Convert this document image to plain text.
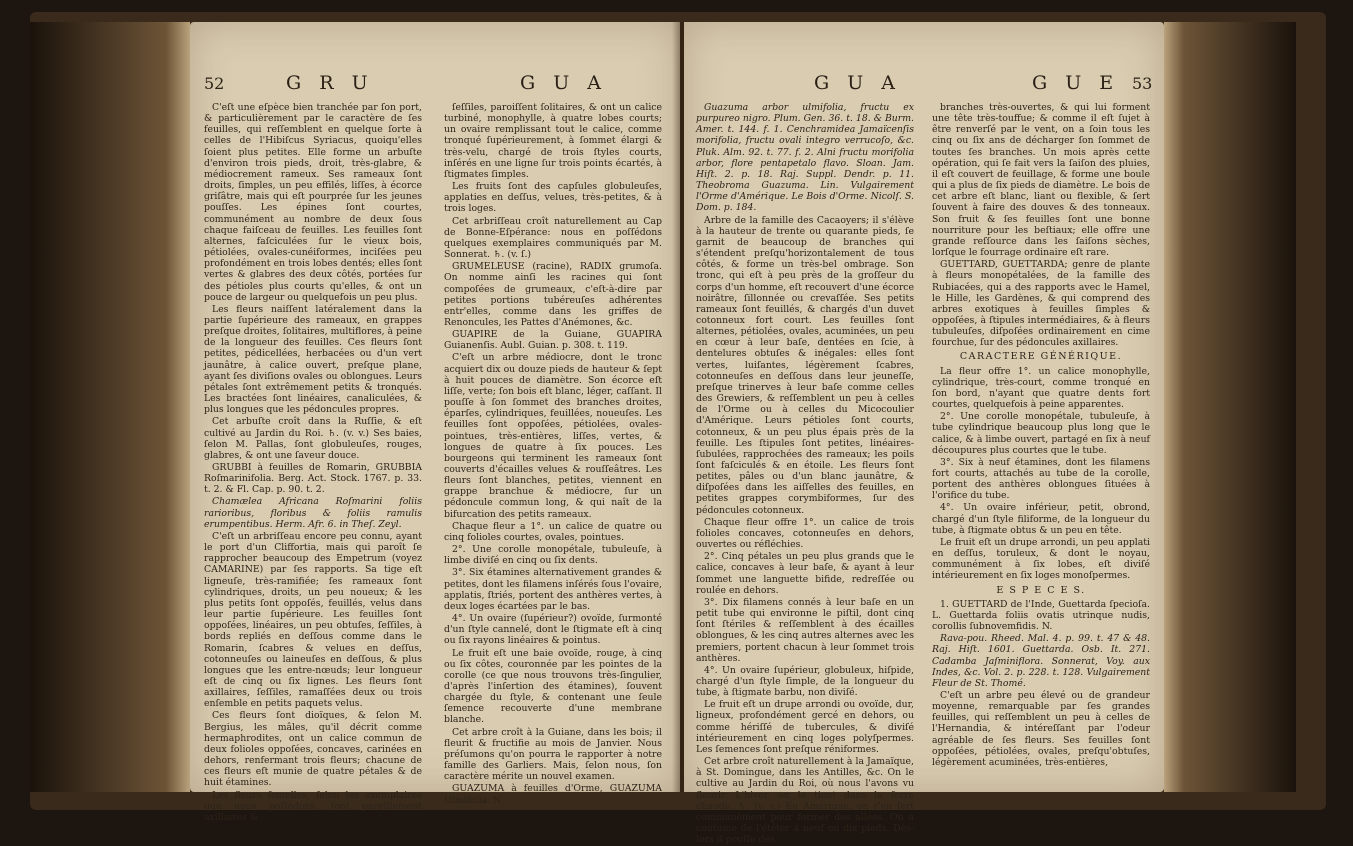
52	G R U	G U A

C'eſt une eſpèce bien tranchée par ſon port, & particulièrement par le caractère de ſes feuilles, qui reſſemblent en quelque ſorte à celles de l'Hibiſcus Syriacus, quoiqu'elles ſoient plus petites. Elle forme un arbuſte d'environ trois pieds, droit, très-glabre, & médiocrement rameux. Ses rameaux ſont droits, ſimples, un peu effilés, liſſes, à écorce griſâtre, mais qui eſt pourprée ſur les jeunes pouſſes. Les épines ſont courtes, communément au nombre de deux ſous chaque faiſceau de feuilles. Les feuilles ſont alternes, faſciculées ſur le vieux bois, pétiolées, ovales-cunéiformes, inciſées peu profondément en trois lobes dentés; elles ſont vertes & glabres des deux côtés, portées ſur des pétioles plus courts qu'elles, & ont un pouce de largeur ou quelquefois un peu plus.

Les fleurs naiſſent latéralement dans la partie ſupérieure des rameaux, en grappes preſque droites, ſolitaires, multiflores, à peine de la longueur des feuilles. Ces fleurs ſont petites, pédicellées, herbacées ou d'un vert jaunâtre, à calice ouvert, preſque plane, ayant ſes diviſions ovales ou oblongues. Leurs pétales ſont extrêmement petits & tronqués. Les bractées ſont linéaires, canaliculées, & plus longues que les pédoncules propres.

Cet arbuſte croît dans la Ruſſie, & eſt cultivé au Jardin du Roi. ♄. (v. v.) Ses baies, ſelon M. Pallas, ſont globuleuſes, rouges, glabres, & ont une ſaveur douce.

GRUBBI à feuilles de Romarin, GRUBBIA Roſmarinifolia. Berg. Act. Stock. 1767. p. 33. t. 2. & Fl. Cap. p. 90. t. 2.

Chamælea Africana Roſmarini foliis rarioribus, floribus & foliis ramulis erumpentibus. Herm. Afr. 6. in Theſ. Zeyl.

C'eſt un arbriſſeau encore peu connu, ayant le port d'un Cliffortia, mais qui paroît ſe rapprocher beaucoup des Empetrum (voyez CAMARINE) par ſes rapports. Sa tige eſt ligneuſe, très-ramifiée; ſes rameaux ſont cylindriques, droits, un peu noueux; & les plus petits ſont oppoſés, feuillés, velus dans leur partie ſupérieure. Les feuilles ſont oppoſées, linéaires, un peu obtuſes, ſeſſiles, à bords repliés en deſſous comme dans le Romarin, ſcabres & velues en deſſus, cotonneuſes ou laineuſes en deſſous, & plus longues que les entre-nœuds; leur longueur eſt de cinq ou ſix lignes. Les fleurs ſont axillaires, ſeſſiles, ramaſſées deux ou trois enſemble en petits paquets velus.

Ces fleurs ſont dioïques, & ſelon M. Bergius, les mâles, qu'il décrit comme hermaphrodites, ont un calice commun de deux folioles oppoſées, concaves, carinées en dehors, renfermant trois fleurs; chacune de ces fleurs eſt munie de quatre pétales & de huit étamines.

Les fleurs femelles, ſelon les exemplaires que nous poſſédons, ſont pareillement axillaires &

ſeſſiles, paroiſſent ſolitaires, & ont un calice turbiné, monophylle, à quatre lobes courts; un ovaire remplissant tout le calice, comme tronqué ſupérieurement, à ſommet élargi & très-velu, chargé de trois ſtyles courts, inſérés en une ligne ſur trois points écartés, à ſtigmates ſimples.

Les fruits ſont des capſules globuleuſes, applaties en deſſus, velues, très-petites, & à trois loges.

Cet arbriſſeau croît naturellement au Cap de Bonne-Eſpérance: nous en poſſédons quelques exemplaires communiqués par M. Sonnerat. ♄. (v. ſ.)

GRUMELEUSE (racine), RADIX grumoſa. On nomme ainſi les racines qui ſont compoſées de grumeaux, c'eſt-à-dire par petites portions tubéreuſes adhérentes entr'elles, comme dans les griffes de Renoncules, les Pattes d'Anémones, &c.

GUAPIRE de la Guiane, GUAPIRA Guianenſis. Aubl. Guian. p. 308. t. 119.

C'eſt un arbre médiocre, dont le tronc acquiert dix ou douze pieds de hauteur & ſept à huit pouces de diamètre. Son écorce eſt liſſe, verte; ſon bois eſt blanc, léger, caſſant. Il pouſſe à ſon ſommet des branches droites, éparſes, cylindriques, feuillées, noueuſes. Les feuilles ſont oppoſées, pétiolées, ovales-pointues, très-entières, liſſes, vertes, & longues de quatre à ſix pouces. Les bourgeons qui terminent les rameaux ſont couverts d'écailles velues & rouſſeâtres. Les fleurs ſont blanches, petites, viennent en grappe branchue & médiocre, ſur un pédoncule commun long, & qui naît de la bifurcation des petits rameaux.

Chaque fleur a 1°. un calice de quatre ou cinq folioles courtes, ovales, pointues.

2°. Une corolle monopétale, tubuleuſe, à limbe diviſé en cinq ou ſix dents.

3°. Six étamines alternativement grandes & petites, dont les filamens inſérés ſous l'ovaire, applatis, ſtriés, portent des anthères vertes, à deux loges écartées par le bas.

4°. Un ovaire (ſupérieur?) ovoïde, ſurmonté d'un ſtyle cannelé, dont le ſtigmate eſt à cinq ou ſix rayons linéaires & pointus.

Le fruit eſt une baie ovoïde, rouge, à cinq ou ſix côtes, couronnée par les pointes de la corolle (ce que nous trouvons très-ſingulier, d'après l'inſertion des étamines), ſouvent chargée du ſtyle, & contenant une ſeule ſemence recouverte d'une membrane blanche.

Cet arbre croît à la Guiane, dans les bois; il fleurit & fructifie au mois de Janvier. Nous préſumons qu'on pourra le rapporter à notre famille des Garliers. Mais, ſelon nous, ſon caractère mérite un nouvel examen.

GUAZUMA à feuilles d'Orme, GUAZUMA Ulmifolia. N.

G U A	G U E 53

Guazuma arbor ulmifolia, fructu ex purpureo nigro. Plum. Gen. 36. t. 18. & Burm. Amer. t. 144. f. 1. Cenchramidea Jamaïcenſis morifolia, fructu ovali integro verrucoſo, &c. Pluk. Alm. 92. t. 77. f. 2. Alni fructu morifolia arbor, flore pentapetalo flavo. Sloan. Jam. Hiſt. 2. p. 18. Raj. Suppl. Dendr. p. 11. Theobroma Guazuma. Lin. Vulgairement l'Orme d'Amérique. Le Bois d'Orme. Nicolſ. S. Dom. p. 184.

Arbre de la famille des Cacaoyers; il s'élève à la hauteur de trente ou quarante pieds, ſe garnit de beaucoup de branches qui s'étendent preſqu'horizontalement de tous côtés, & forme un très-bel ombrage. Son tronc, qui eſt à peu près de la groſſeur du corps d'un homme, eſt recouvert d'une écorce noirâtre, ſillonnée ou crevaſſée. Ses petits rameaux ſont feuillés, & chargés d'un duvet cotonneux fort court. Les feuilles ſont alternes, pétiolées, ovales, acuminées, un peu en cœur à leur baſe, dentées en ſcie, à dentelures obtuſes & inégales: elles ſont vertes, luiſantes, légèrement ſcabres, cotonneuſes en deſſous dans leur jeuneſſe, preſque trinerves à leur baſe comme celles des Grewiers, & reſſemblent un peu à celles de l'Orme ou à celles du Micocoulier d'Amérique. Leurs pétioles ſont courts, cotonneux, & un peu plus épais près de la feuille. Les ſtipules ſont petites, linéaires-ſubulées, rapprochées des rameaux; les poils ſont faſciculés & en étoile. Les fleurs ſont petites, pâles ou d'un blanc jaunâtre, & diſpoſées dans les aiſſelles des feuilles, en petites grappes corymbiformes, ſur des pédoncules cotonneux.

Chaque fleur offre 1°. un calice de trois folioles concaves, cotonneuſes en dehors, ouvertes ou réfléchies.

2°. Cinq pétales un peu plus grands que le calice, concaves à leur baſe, & ayant à leur ſommet une languette bifide, redreſſée ou roulée en dehors.

3°. Dix filamens connés à leur baſe en un petit tube qui environne le piſtil, dont cinq ſont ſtériles & reſſemblent à des écailles oblongues, & les cinq autres alternes avec les premiers, portent chacun à leur ſommet trois anthères.

4°. Un ovaire ſupérieur, globuleux, hiſpide, chargé d'un ſtyle ſimple, de la longueur du tube, à ſtigmate barbu, non diviſé.

Le fruit eſt un drupe arrondi ou ovoïde, dur, ligneux, profondément gercé en dehors, ou comme hériſſé de tubercules, & diviſé intérieurement en cinq loges polyſpermes. Les ſemences ſont preſque réniformes.

Cet arbre croît naturellement à la Jamaïque, à St. Domingue, dans les Antilles, &c. On le cultive au Jardin du Roi, où nous l'avons vu fleurir. L'hiver, on le tient dans la ſerre chaude. ♄. (v. v.) En Amérique, on s'en ſert communément pour former des allées. On a coutume de l'étêter à neuf ou dix pieds. Dès-lors il pouſſe des

branches très-ouvertes, & qui lui forment une tête très-touffue; & comme il eſt ſujet à être renverſé par le vent, on a ſoin tous les cinq ou ſix ans de décharger ſon ſommet de toutes ſes branches. Un mois après cette opération, qui ſe fait vers la ſaiſon des pluies, il eſt couvert de feuillage, & forme une boule qui a plus de ſix pieds de diamètre. Le bois de cet arbre eſt blanc, liant ou flexible, & ſert ſouvent à faire des douves & des tonneaux. Son fruit & ſes feuilles ſont une bonne nourriture pour les beſtiaux; elle offre une grande reſſource dans les ſaiſons sèches, lorſque le fourrage ordinaire eſt rare.

GUETTARD, GUETTARDA; genre de plante à fleurs monopétalées, de la famille des Rubiacées, qui a des rapports avec le Hamel, le Hille, les Gardènes, & qui comprend des arbres exotiques à feuilles ſimples & oppoſées, à ſtipules intermédiaires, & à fleurs tubuleuſes, diſpoſées ordinairement en cime fourchue, ſur des pédoncules axillaires.

CARACTERE GÉNÉRIQUE.

La fleur offre 1°. un calice monophylle, cylindrique, très-court, comme tronqué en ſon bord, n'ayant que quatre dents fort courtes, quelquefois à peine apparentes.

2°. Une corolle monopétale, tubuleuſe, à tube cylindrique beaucoup plus long que le calice, & à limbe ouvert, partagé en ſix à neuf découpures plus courtes que le tube.

3°. Six à neuf étamines, dont les filamens fort courts, attachés au tube de la corolle, portent des anthères oblongues ſituées à l'orifice du tube.

4°. Un ovaire inférieur, petit, obrond, chargé d'un ſtyle filiforme, de la longueur du tube, à ſtigmate obtus & un peu en tête.

Le fruit eſt un drupe arrondi, un peu applati en deſſus, toruleux, & dont le noyau, communément à ſix lobes, eſt diviſé intérieurement en ſix loges monoſpermes.

E S P E C E S.

1. GUETTARD de l'Inde, Guettarda ſpecioſa. L. Guettarda foliis ovatis utrinque nudis, corollis ſubnovemfidis. N.

Rava-pou. Rheed. Mal. 4. p. 99. t. 47 & 48. Raj. Hiſt. 1601. Guettarda. Osb. It. 271. Cadamba Jaſminiflora. Sonnerat, Voy. aux Indes, &c. Vol. 2. p. 228. t. 128. Vulgairement Fleur de St. Thomé.

C'eſt un arbre peu élevé ou de grandeur moyenne, remarquable par ſes grandes feuilles, qui reſſemblent un peu à celles de l'Hernandia, & intéreſſant par l'odeur agréable de ſes fleurs. Ses feuilles ſont oppoſées, pétiolées, ovales, preſqu'obtuſes, légèrement acuminées, très-entières,
